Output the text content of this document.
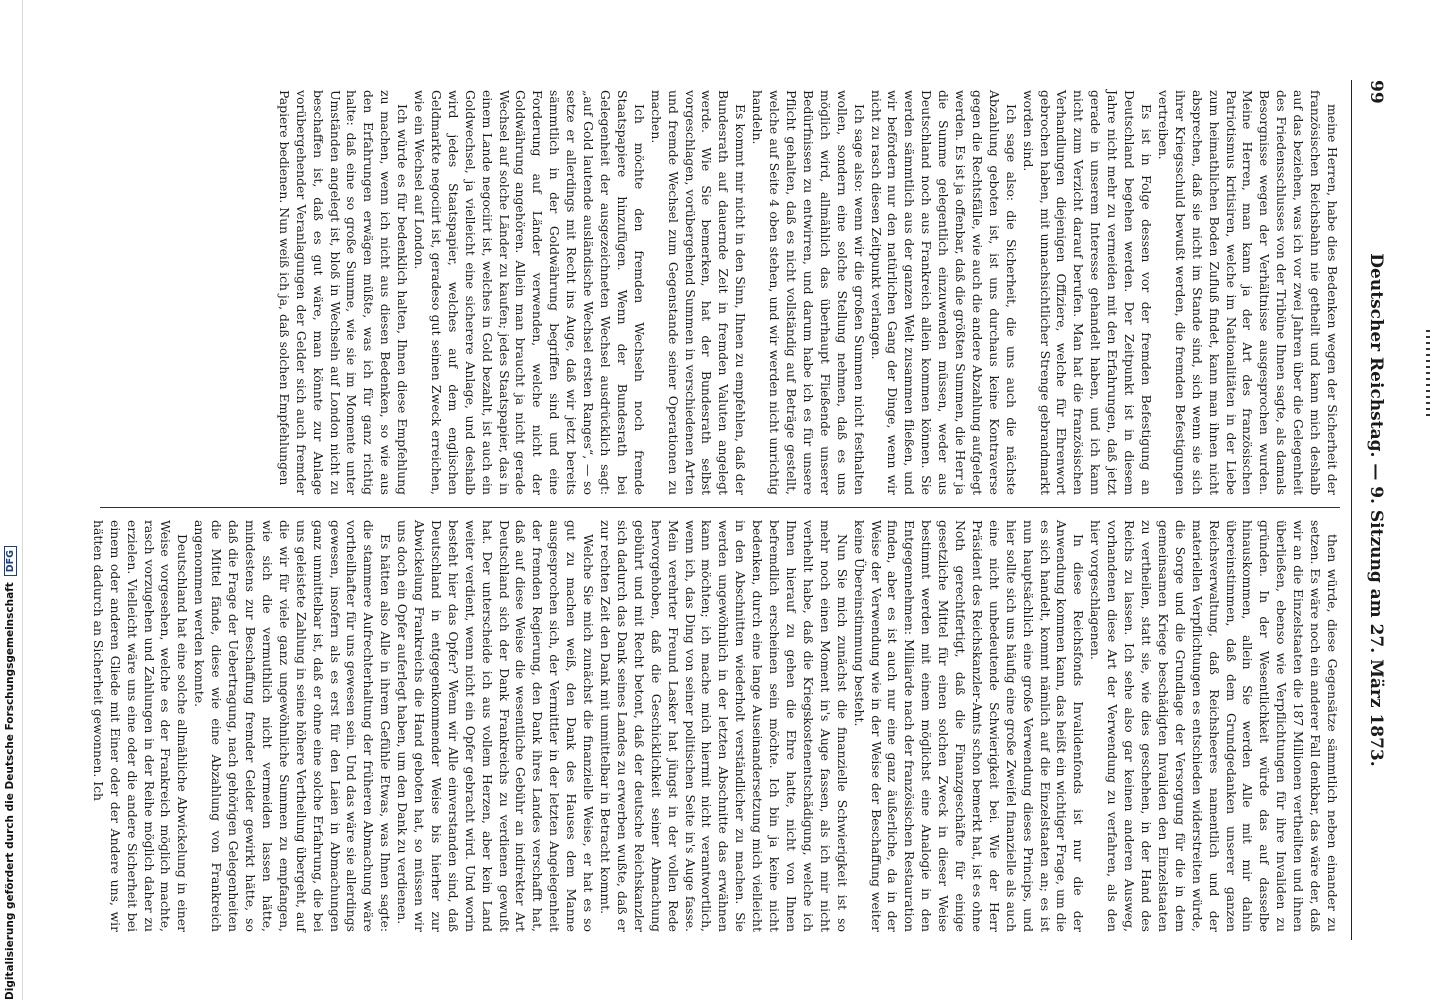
Digitalisierung gefördert durch die Deutsche Forschungsgemeinschaft
DFG	Deutscher Reichstag. — 9. Sitzung am 27. März 1873.
99

meine Herren, habe dies Bedenken wegen der Sicherheit der französischen Reichsbahn nie getheilt und kann mich deshalb auf das beziehen, was ich vor zwei Jahren über die Gelegenheit des Friedensschlusses von der Tribüne Ihnen sagte, als damals Besorgnisse wegen der Verhältnisse ausgesprochen wurden. Meine Herren, man kann ja der Art des französischen Patriotismus kritisiren, welche im Nationalitäten in der Liebe zum heimathlichen Boden Zufluß findet, kann man ihnen nicht absprechen, daß sie nicht im Stande sind, sich wenn sie sich ihrer Kriegsschuld bewußt werden, die fremden Befestigungen vertreiben.

Es ist in Folge dessen vor der fremden Befestigung an Deutschland begehen werden. Der Zeitpunkt ist in diesem Jahre nicht mehr zu vermeiden mit den Erfahrungen, daß jetzt gerade in unserem Interesse gehandelt haben, und ich kann nicht zum Verzicht darauf berufen. Man hat die französischen Verhandlungen diejenigen Offiziere, welche für Ehrenwort gebrochen haben, mit unnachsichtlicher Strenge gebrandmarkt worden sind.

Ich sage also: die Sicherheit, die uns auch die nächste Abzahlung geboten ist, ist uns durchaus keine Kontraverse gegen die Rechtsfälle, wie auch die andere Abzahlung aufgelegt werden. Es ist ja offenbar, daß die größten Summen, die Herr ja die Summe gelegentlich einzuwenden müssen, weder aus Deutschland noch aus Frankreich allein kommen können. Sie werden sämmtlich aus der ganzen Welt zusammen fließen, und wir befördern nur den natürlichen Gang der Dinge, wenn wir nicht zu rasch diesen Zeitpunkt verlangen.

Ich sage also: wenn wir die großen Summen nicht festhalten wollen, sondern eine solche Stellung nehmen, daß es uns möglich wird, allmählich das überhaupt Fließende unserer Bedürfnissen zu entwirren, und darum habe ich es für unsere Pflicht gehalten, daß es nicht vollständig auf Beträge gestellt, welche auf Seite 4 oben stehen, und wir werden nicht unrichtig handeln.

Es kommt mir nicht in den Sinn, Ihnen zu empfehlen, daß der Bundesrath auf dauernde Zeit in fremden Valuten angelegt werde. Wie Sie bemerken, hat der Bundesrath selbst vorgeschlagen, vorübergehend Summen in verschiedenen Arten und fremde Wechsel zum Gegenstande seiner Operationen zu machen.

Ich möchte den fremden Wechseln noch fremde Staatspapiere hinzufügen. Wenn der Bundesrath bei Gelegenheit der ausgezeichneten Wechsel ausdrücklich sagt: „auf Gold lautende ausländische Wechsel ersten Ranges“, — so setze er allerdings mit Recht ins Auge, daß wir jetzt bereits sämmtlich in der Goldwährung begriffen sind und eine Forderung auf Länder verwenden, welche nicht der Goldwährung angehören. Allein man braucht ja nicht gerade Wechsel auf solche Länder zu kaufen; jedes Staatspapier, das in einem Lande negociirt ist, welches in Gold bezahlt, ist auch ein Goldwechsel, ja vielleicht eine sicherere Anlage, und deshalb wird jedes Staatspapier, welches auf dem englischen Geldmarkte negociirt ist, geradeso gut seinen Zweck erreichen, wie ein Wechsel auf London.

Ich würde es für bedenklich halten, Ihnen diese Empfehlung zu machen, wenn ich nicht aus diesen Bedenken, so wie aus den Erfahrungen erwägen müßte, was ich für ganz richtig halte: daß eine so große Summe, wie sie im Momente unter Umständen angelegt ist, bloß in Wechseln auf London nicht zu beschaffen ist, daß es gut wäre, man könnte zur Anlage vorübergehender Veranlagungen der Gelder sich auch fremder Papiere bedienen. Nun weiß ich ja, daß solchen Empfehlungen

then würde, diese Gegensätze sämmtlich neben einander zu setzen. Es wäre noch ein anderer Fall denkbar, das wäre der, daß wir an die Einzelstaaten die 187 Millionen vertheilten und ihnen überließen, ebenso wie Verpflichtungen für ihre Invaliden zu gründen. In der Wesentlichkeit würde das auf dasselbe hinauskommen, allein Sie werden Alle mit mir dahin übereinstimmen, daß dem Grundgedanken unserer ganzen Reichsverwaltung, daß Reichsheeres namentlich und der materiellen Verpflichtungen es entschieden widerstreiten würde, die Sorge und die Grundlage der Versorgung für die in dem gemeinsamen Kriege beschädigten Invaliden den Einzelstaaten zu vertheilen, statt sie, wie dies geschehen, in der Hand des Reichs zu lassen. Ich sehe also gar keinen anderen Ausweg, vorhandenen diese Art der Verwendung zu verfahren, als den hier vorgeschlagenen.

In diese Reichsfonds Invalidenfonds ist nur die der Anwendung kommen kann, das heißt ein wichtiger Frage, um die es sich handelt, kommt nämlich auf die Einzelstaaten an; es ist nun hauptsächlich eine große Verwendung dieses Princips, und hier sollte sich uns häufig eine große Zweifel finanzielle als auch eine nicht unbedeutende Schwierigkeit bei. Wie der Herr Präsident des Reichskanzler-Amts schon bemerkt hat, ist es ohne Noth gerechtfertigt, daß die Finanzgeschäfte für einige gesetzliche Mittel für einen solchen Zweck in dieser Weise bestimmt werden mit einem möglichst eine Analogie in den Entgegennehmen: Milliarde nach der französischen Restauration finden, aber es ist auch nur eine ganz äußerliche, da in der Weise der Verwendung wie in der Weise der Beschaffung weiter keine Übereinstimmung besteht.

Nun Sie mich zunächst die finanzielle Schwierigkeit ist so mehr noch einen Moment in's Auge fassen, als ich mir nicht verhehlt habe, daß die Kriegskostenentschädigung, welche ich Ihnen hierauf zu gehen die Ehre hatte, nicht von Ihnen befremdlich erscheinen sein möchte. Ich bin ja keine nicht bedenken, durch eine lange Auseinandersetzung mich vielleicht in den Abschnitten wiederholt verständlicher zu machen. Sie werden ungewöhnlich in der letzten Abschnitte das erwähnen kann möchten; ich mache mich hiermit nicht verantwortlich, wenn ich, das Ding von seiner politischen Seite in's Auge fasse. Mein verehrter Freund Lasker hat jüngst in der vollen Rede hervorgehoben, daß die Geschicklichkeit seiner Abmachung gebührt und mit Recht betont, daß der deutsche Reichskanzler sich dadurch das Dank seines Landes zu erwerben wußte, daß er zur rechten Zeit den Dank mit unmittelbar in Betracht kommt.

Welche Sie mich zunächst die finanzielle Weise, er hat es so gut zu machen weiß, den Dank des Hauses dem Manne ausgesprochen sich, der Vermittler in der letzten Angelegenheit der fremden Regierung, den Dank ihres Landes verschafft hat, daß auf diese Weise die wesentliche Gebühr an indirekter Art Deutschland sich der Dank Frankreichs zu verdienen gewußt hat. Der unterscheide ich aus vollem Herzen, aber kein Land weiter verdient, wenn nicht ein Opfer gebracht wird. Und worin besteht hier das Opfer? Wenn wir Alle einverstanden sind, daß Deutschland in entgegenkommender Weise bis hierher zur Abwickelung Frankreichs die Hand geboten hat, so müssen wir uns doch ein Opfer auferlegt haben, um den Dank zu verdienen.

Es hätten also Alle in ihrem Gefühle Etwas, was Ihnen sagte: die stammere Aufrechterhaltung der früheren Abmachung wäre vortheilhafter für uns gewesen sein. Und das wäre sie allerdings gewesen, insofern als es erst für den Laien in Abmachungen ganz unmittelbar ist, daß er ohne eine solche Erfahrung, die bei uns geleistete Zahlung in seine höhere Vertheilung übergeht, auf die wir für viele ganz ungewöhnliche Summen zu empfangen, wie sich die vermuthlich nicht vermeiden lassen hätte, mindestens zur Beschaffung fremder Gelder gewirkt hätte, so daß die Frage der Uebertragung, nach gehörigen Gelegenheiten die Mittel fände, diese wie eine Abzahlung von Frankreich angenommen werden konnte.

Deutschland hat eine solche allmähliche Abwickelung in einer Weise vorgesehen, welche es der Frankreich möglich machte, rasch vorzugehen und Zahlungen in der Reihe möglich daher zu erzielen. Vielleicht wäre uns eine oder die andere Sicherheit bei einem oder anderen Gliede mit Einer oder der Andere uns, wir hätten dadurch an Sicherheit gewonnen. Ich
